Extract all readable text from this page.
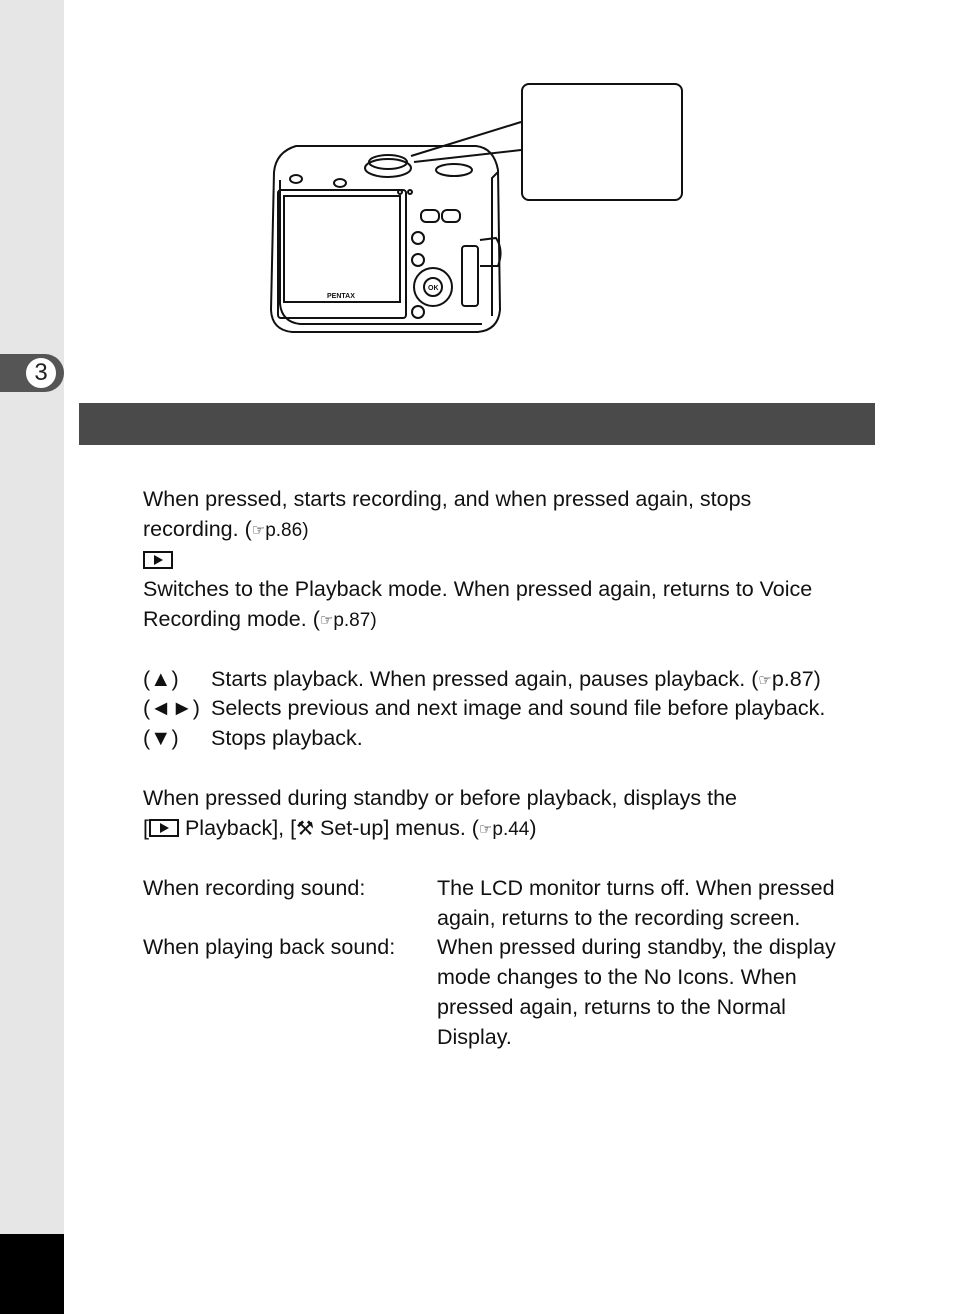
3
PENTAX
OK
When pressed, starts recording, and when pressed again, stops
recording. (☞p.86)
Switches to the Playback mode. When pressed again, returns to Voice
Recording mode. (☞p.87)
(▲) Starts playback. When pressed again, pauses playback. (☞p.87)
(◄►) Selects previous and next image and sound file before playback.
(▼) Stops playback.
When pressed during standby or before playback, displays the
[ Playback], [⚒ Set-up] menus. (☞p.44)
When recording sound:	The LCD monitor turns off. When pressed
again, returns to the recording screen.
When playing back sound: When pressed during standby, the display
mode changes to the No Icons. When
pressed again, returns to the Normal
Display.
